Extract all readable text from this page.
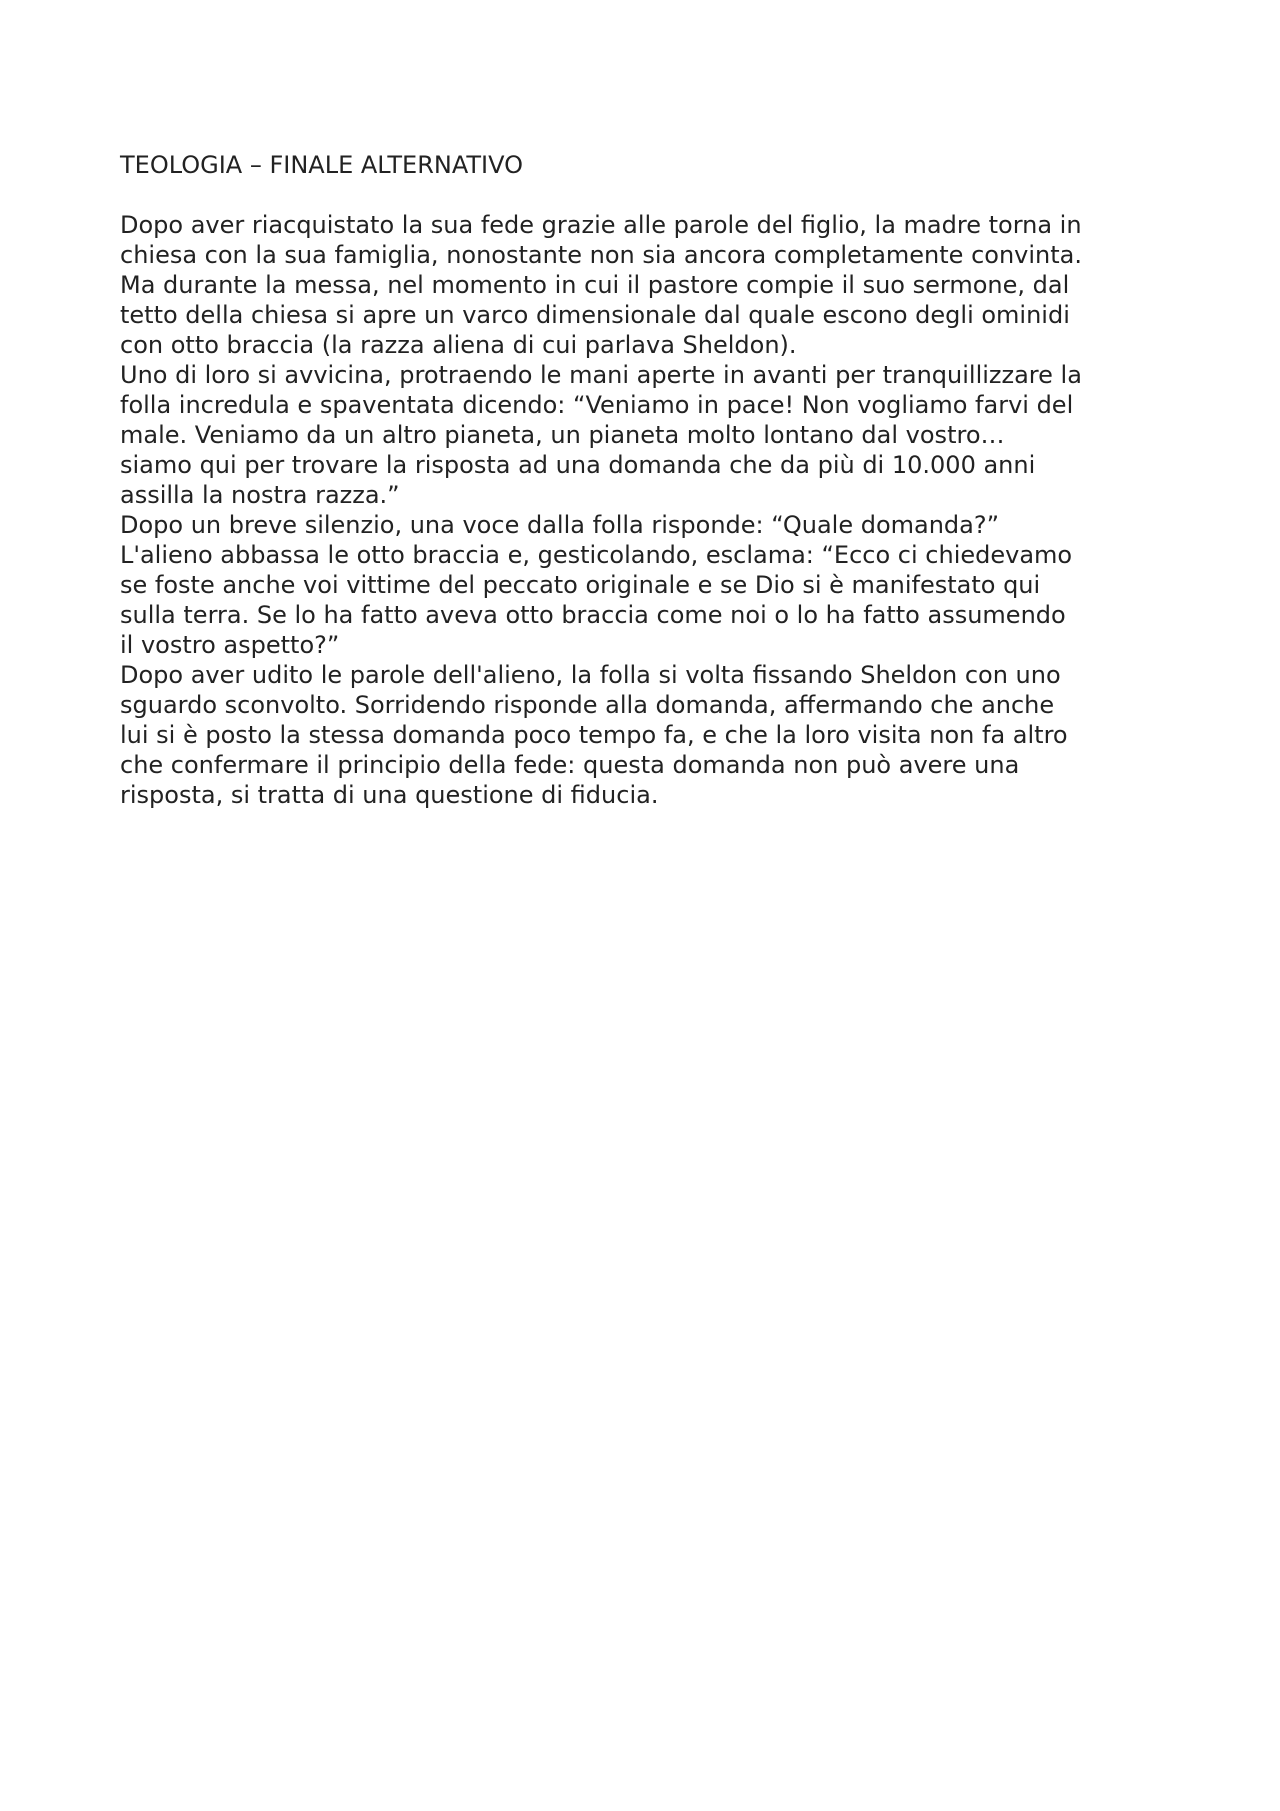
TEOLOGIA – FINALE ALTERNATIVO
Dopo aver riacquistato la sua fede grazie alle parole del figlio, la madre torna in
chiesa con la sua famiglia, nonostante non sia ancora completamente convinta.
Ma durante la messa, nel momento in cui il pastore compie il suo sermone, dal
tetto della chiesa si apre un varco dimensionale dal quale escono degli ominidi
con otto braccia (la razza aliena di cui parlava Sheldon).
Uno di loro si avvicina, protraendo le mani aperte in avanti per tranquillizzare la
folla incredula e spaventata dicendo: “Veniamo in pace! Non vogliamo farvi del
male. Veniamo da un altro pianeta, un pianeta molto lontano dal vostro…
siamo qui per trovare la risposta ad una domanda che da più di 10.000 anni
assilla la nostra razza.”
Dopo un breve silenzio, una voce dalla folla risponde: “Quale domanda?”
L'alieno abbassa le otto braccia e, gesticolando, esclama: “Ecco ci chiedevamo
se foste anche voi vittime del peccato originale e se Dio si è manifestato qui
sulla terra. Se lo ha fatto aveva otto braccia come noi o lo ha fatto assumendo
il vostro aspetto?”
Dopo aver udito le parole dell'alieno, la folla si volta fissando Sheldon con uno
sguardo sconvolto. Sorridendo risponde alla domanda, affermando che anche
lui si è posto la stessa domanda poco tempo fa, e che la loro visita non fa altro
che confermare il principio della fede: questa domanda non può avere una
risposta, si tratta di una questione di fiducia.
